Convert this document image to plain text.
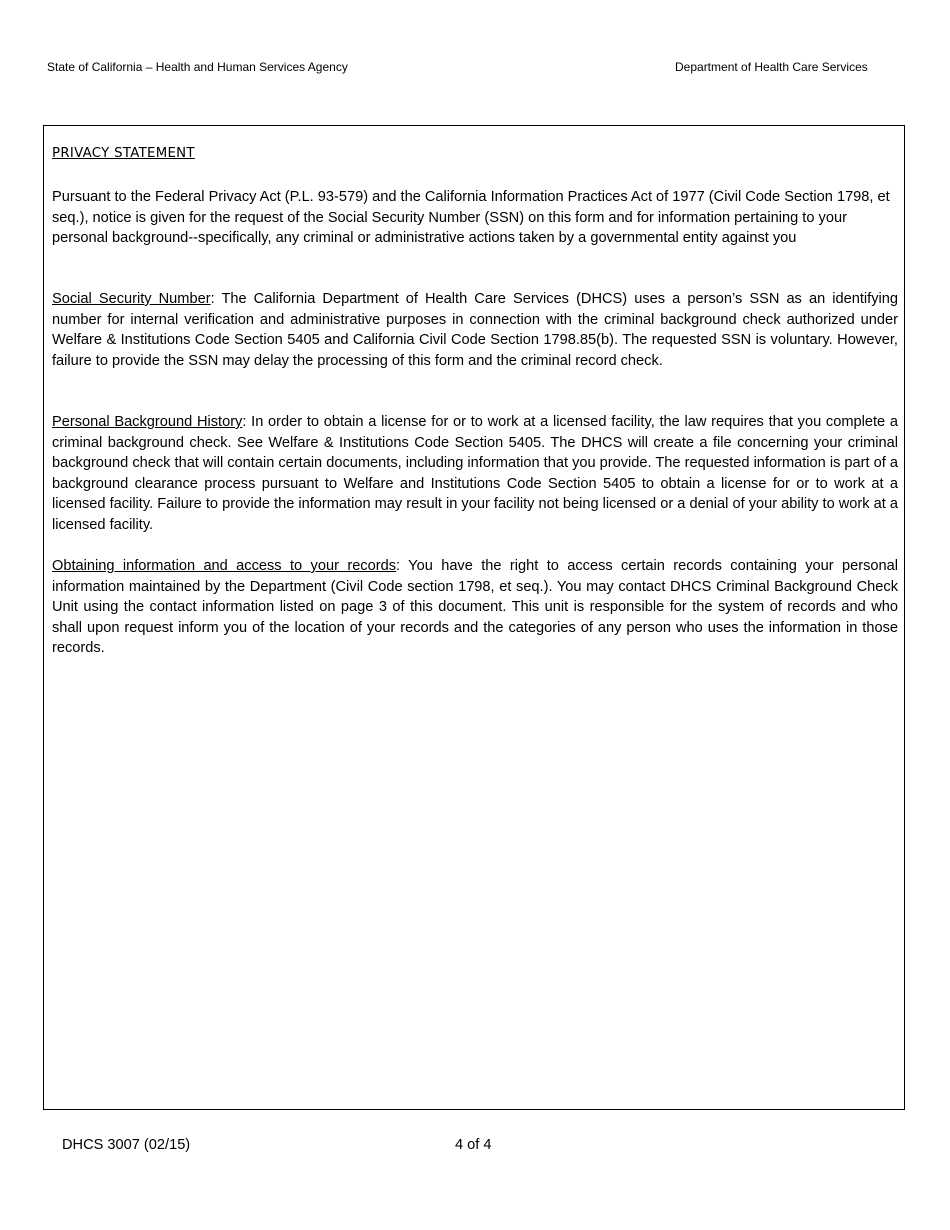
State of California – Health and Human Services Agency	Department of Health Care Services
PRIVACY STATEMENT

Pursuant to the Federal Privacy Act (P.L. 93-579) and the California Information Practices Act of 1977 (Civil Code Section 1798, et seq.), notice is given for the request of the Social Security Number (SSN) on this form and for information pertaining to your personal background--specifically, any criminal or administrative actions taken by a governmental entity against you

Social Security Number: The California Department of Health Care Services (DHCS) uses a person’s SSN as an identifying number for internal verification and administrative purposes in connection with the criminal background check authorized under Welfare & Institutions Code Section 5405 and California Civil Code Section 1798.85(b). The requested SSN is voluntary. However, failure to provide the SSN may delay the processing of this form and the criminal record check.

Personal Background History: In order to obtain a license for or to work at a licensed facility, the law requires that you complete a criminal background check. See Welfare & Institutions Code Section 5405. The DHCS will create a file concerning your criminal background check that will contain certain documents, including information that you provide. The requested information is part of a background clearance process pursuant to Welfare and Institutions Code Section 5405 to obtain a license for or to work at a licensed facility. Failure to provide the information may result in your facility not being licensed or a denial of your ability to work at a licensed facility.

Obtaining information and access to your records: You have the right to access certain records containing your personal information maintained by the Department (Civil Code section 1798, et seq.). You may contact DHCS Criminal Background Check Unit using the contact information listed on page 3 of this document. This unit is responsible for the system of records and who shall upon request inform you of the location of your records and the categories of any person who uses the information in those records.

DHCS 3007 (02/15)	4 of 4
